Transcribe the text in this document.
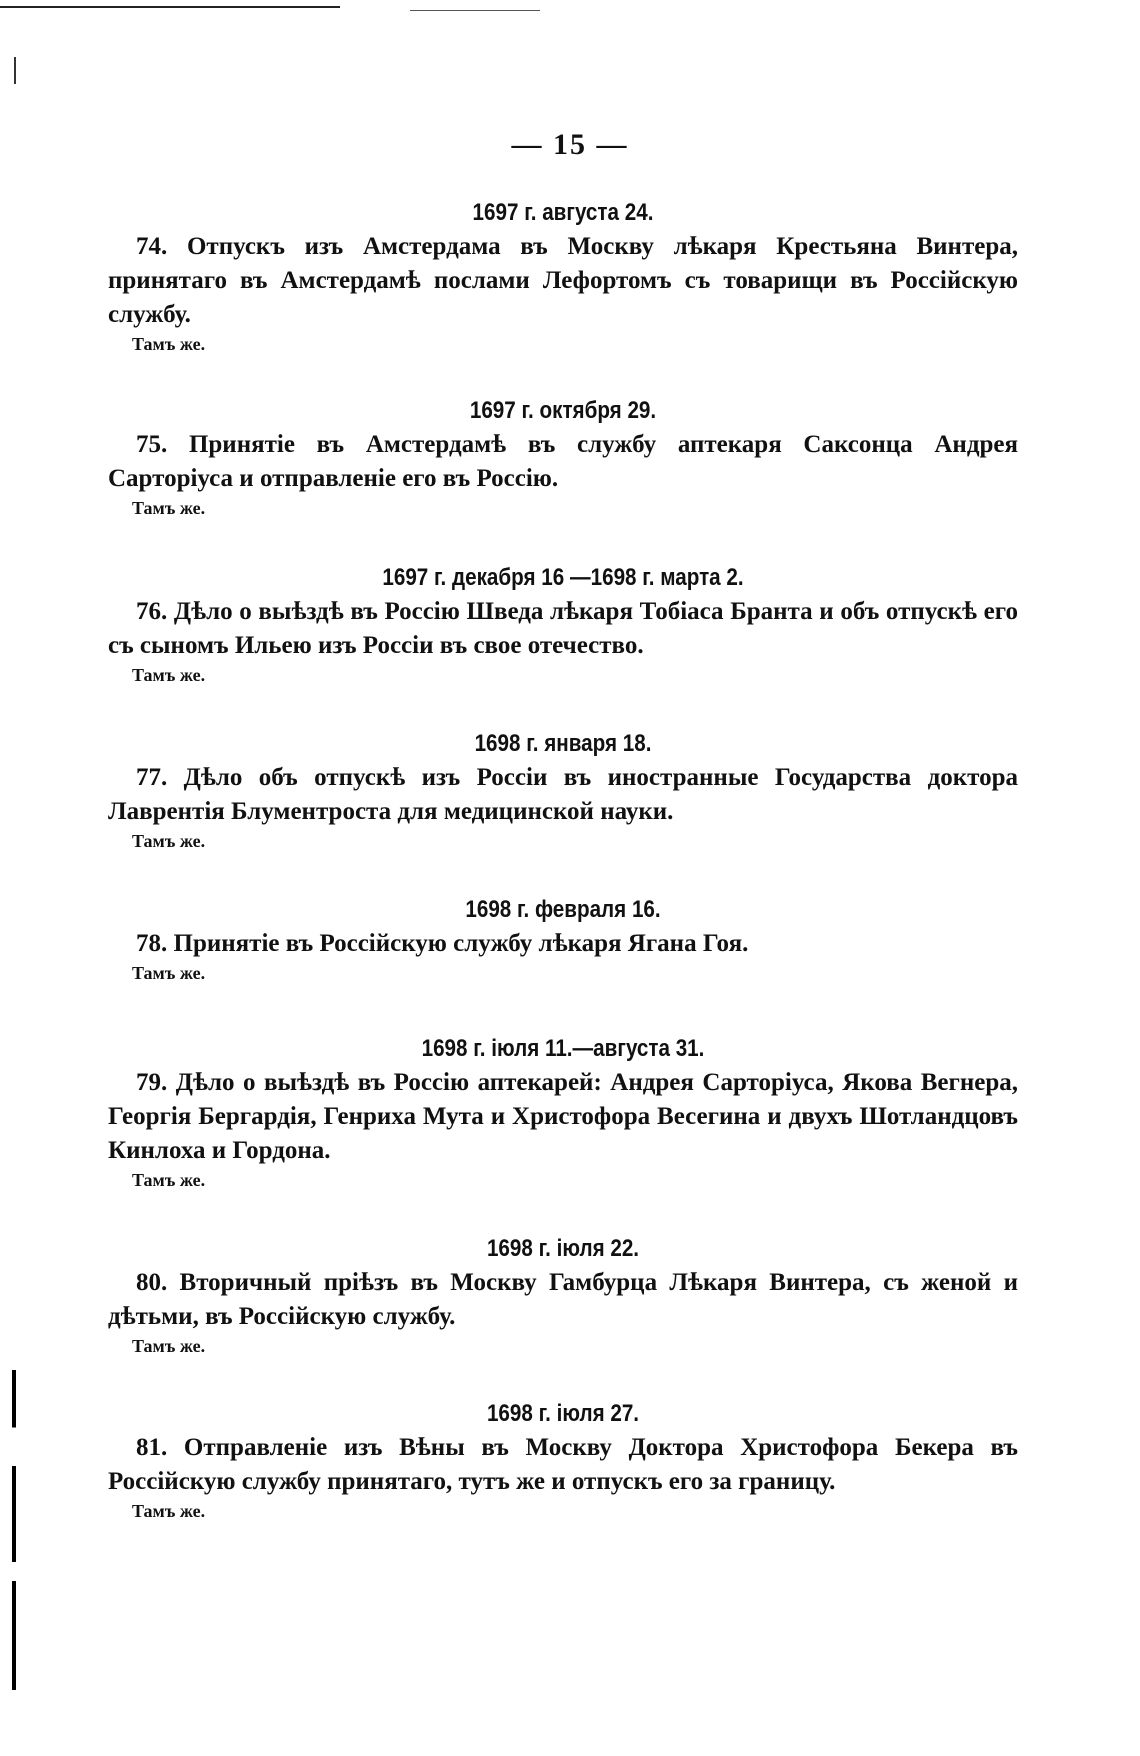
— 15 —
1697 г. августа 24.
74. Отпускъ изъ Амстердама въ Москву лѣкаря Крестьяна Винтера, принятаго въ Амстердамѣ послами Лефортомъ съ товарищи въ Россійскую службу.
Тамъ же.
1697 г. октября 29.
75. Принятіе въ Амстердамѣ въ службу аптекаря Саксонца Андрея Сарторіуса и отправленіе его въ Россію.
Тамъ же.
1697 г. декабря 16 —1698 г. марта 2.
76. Дѣло о выѣздѣ въ Россію Шведа лѣкаря Тобіаса Бранта и объ отпускѣ его съ сыномъ Ильею изъ Россіи въ свое отечество.
Тамъ же.
1698 г. января 18.
77. Дѣло объ отпускѣ изъ Россіи въ иностранные Государства доктора Лаврентія Блументроста для медицинской науки.
Тамъ же.
1698 г. февраля 16.
78. Принятіе въ Россійскую службу лѣкаря Ягана Гоя.
Тамъ же.
1698 г. іюля 11.—августа 31.
79. Дѣло о выѣздѣ въ Россію аптекарей: Андрея Сарторіуса, Якова Вегнера, Георгія Бергардія, Генриха Мута и Христофора Весегина и двухъ Шотландцовъ Кинлоха и Гордона.
Тамъ же.
1698 г. іюля 22.
80. Вторичный пріѣзъ въ Москву Гамбурца Лѣкаря Винтера, съ женой и дѣтьми, въ Россійскую службу.
Тамъ же.
1698 г. іюля 27.
81. Отправленіе изъ Вѣны въ Москву Доктора Христофора Бекера въ Россійскую службу принятаго, тутъ же и отпускъ его за границу.
Тамъ же.
